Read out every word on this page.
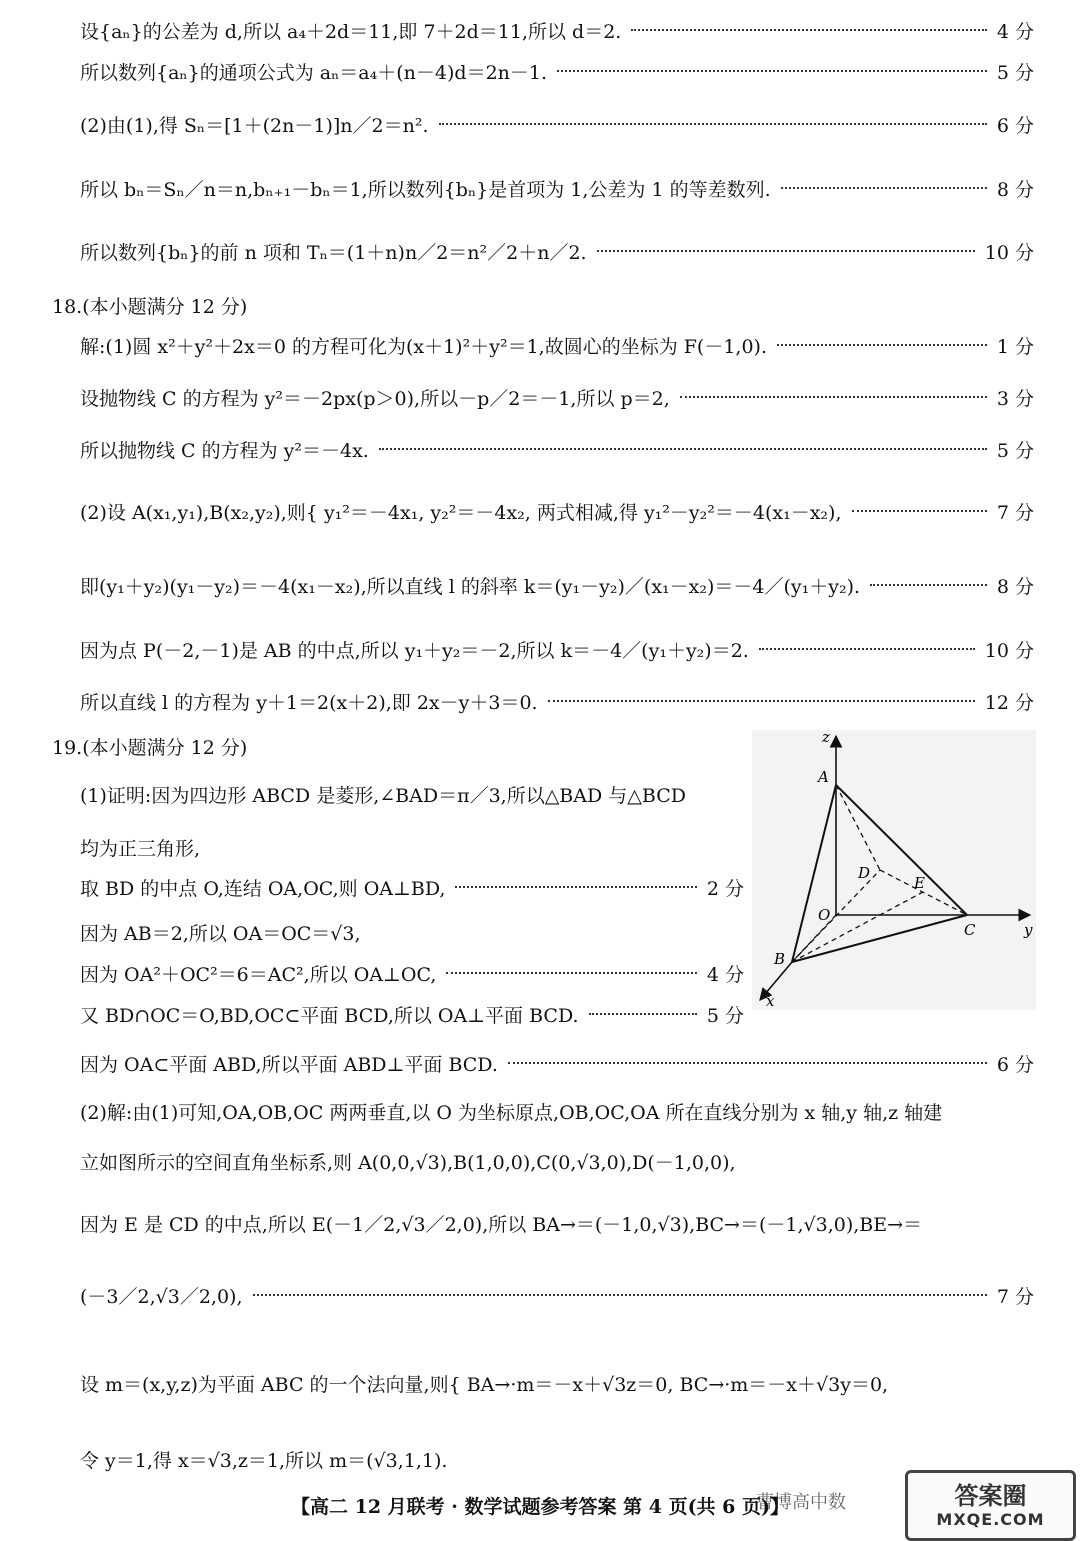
设{aₙ}的公差为 d,所以 a₄＋2d＝11,即 7＋2d＝11,所以 d＝2.	4 分
所以数列{aₙ}的通项公式为 aₙ＝a₄＋(n－4)d＝2n－1.	5 分
(2)由(1),得 Sₙ＝[1＋(2n－1)]n／2＝n².	6 分
所以 bₙ＝Sₙ／n＝n,bₙ₊₁－bₙ＝1,所以数列{bₙ}是首项为 1,公差为 1 的等差数列.	8 分
所以数列{bₙ}的前 n 项和 Tₙ＝(1＋n)n／2＝n²／2＋n／2.	10 分
18.(本小题满分 12 分)
解:(1)圆 x²＋y²＋2x＝0 的方程可化为(x＋1)²＋y²＝1,故圆心的坐标为 F(－1,0).	1 分
设抛物线 C 的方程为 y²＝－2px(p＞0),所以－p／2＝－1,所以 p＝2,	3 分
所以抛物线 C 的方程为 y²＝－4x.	5 分
(2)设 A(x₁,y₁),B(x₂,y₂),则{ y₁²＝－4x₁, y₂²＝－4x₂, 两式相减,得 y₁²－y₂²＝－4(x₁－x₂),	7 分
即(y₁＋y₂)(y₁－y₂)＝－4(x₁－x₂),所以直线 l 的斜率 k＝(y₁－y₂)／(x₁－x₂)＝－4／(y₁＋y₂).	8 分
因为点 P(－2,－1)是 AB 的中点,所以 y₁＋y₂＝－2,所以 k＝－4／(y₁＋y₂)＝2.	10 分
所以直线 l 的方程为 y＋1＝2(x＋2),即 2x－y＋3＝0.	12 分
19.(本小题满分 12 分)
(1)证明:因为四边形 ABCD 是菱形,∠BAD＝π／3,所以△BAD 与△BCD
均为正三角形,
取 BD 的中点 O,连结 OA,OC,则 OA⊥BD,	2 分
因为 AB＝2,所以 OA＝OC＝√3,
因为 OA²＋OC²＝6＝AC²,所以 OA⊥OC,	4 分
又 BD∩OC＝O,BD,OC⊂平面 BCD,所以 OA⊥平面 BCD.	5 分
因为 OA⊂平面 ABD,所以平面 ABD⊥平面 BCD.	6 分
(2)解:由(1)可知,OA,OB,OC 两两垂直,以 O 为坐标原点,OB,OC,OA 所在直线分别为 x 轴,y 轴,z 轴建
立如图所示的空间直角坐标系,则 A(0,0,√3),B(1,0,0),C(0,√3,0),D(－1,0,0),
因为 E 是 CD 的中点,所以 E(－1／2,√3／2,0),所以 BA→＝(－1,0,√3),BC→＝(－1,√3,0),BE→＝
(－3／2,√3／2,0),	7 分
设 m＝(x,y,z)为平面 ABC 的一个法向量,则{ BA→·m＝－x＋√3z＝0, BC→·m＝－x＋√3y＝0,
令 y＝1,得 x＝√3,z＝1,所以 m＝(√3,1,1).
z
A
D
E
O
C	y
B
x
曹博高中数	答案圈
MXQE.COM
【高二 12 月联考 · 数学试题参考答案 第 4 页(共 6 页)】
